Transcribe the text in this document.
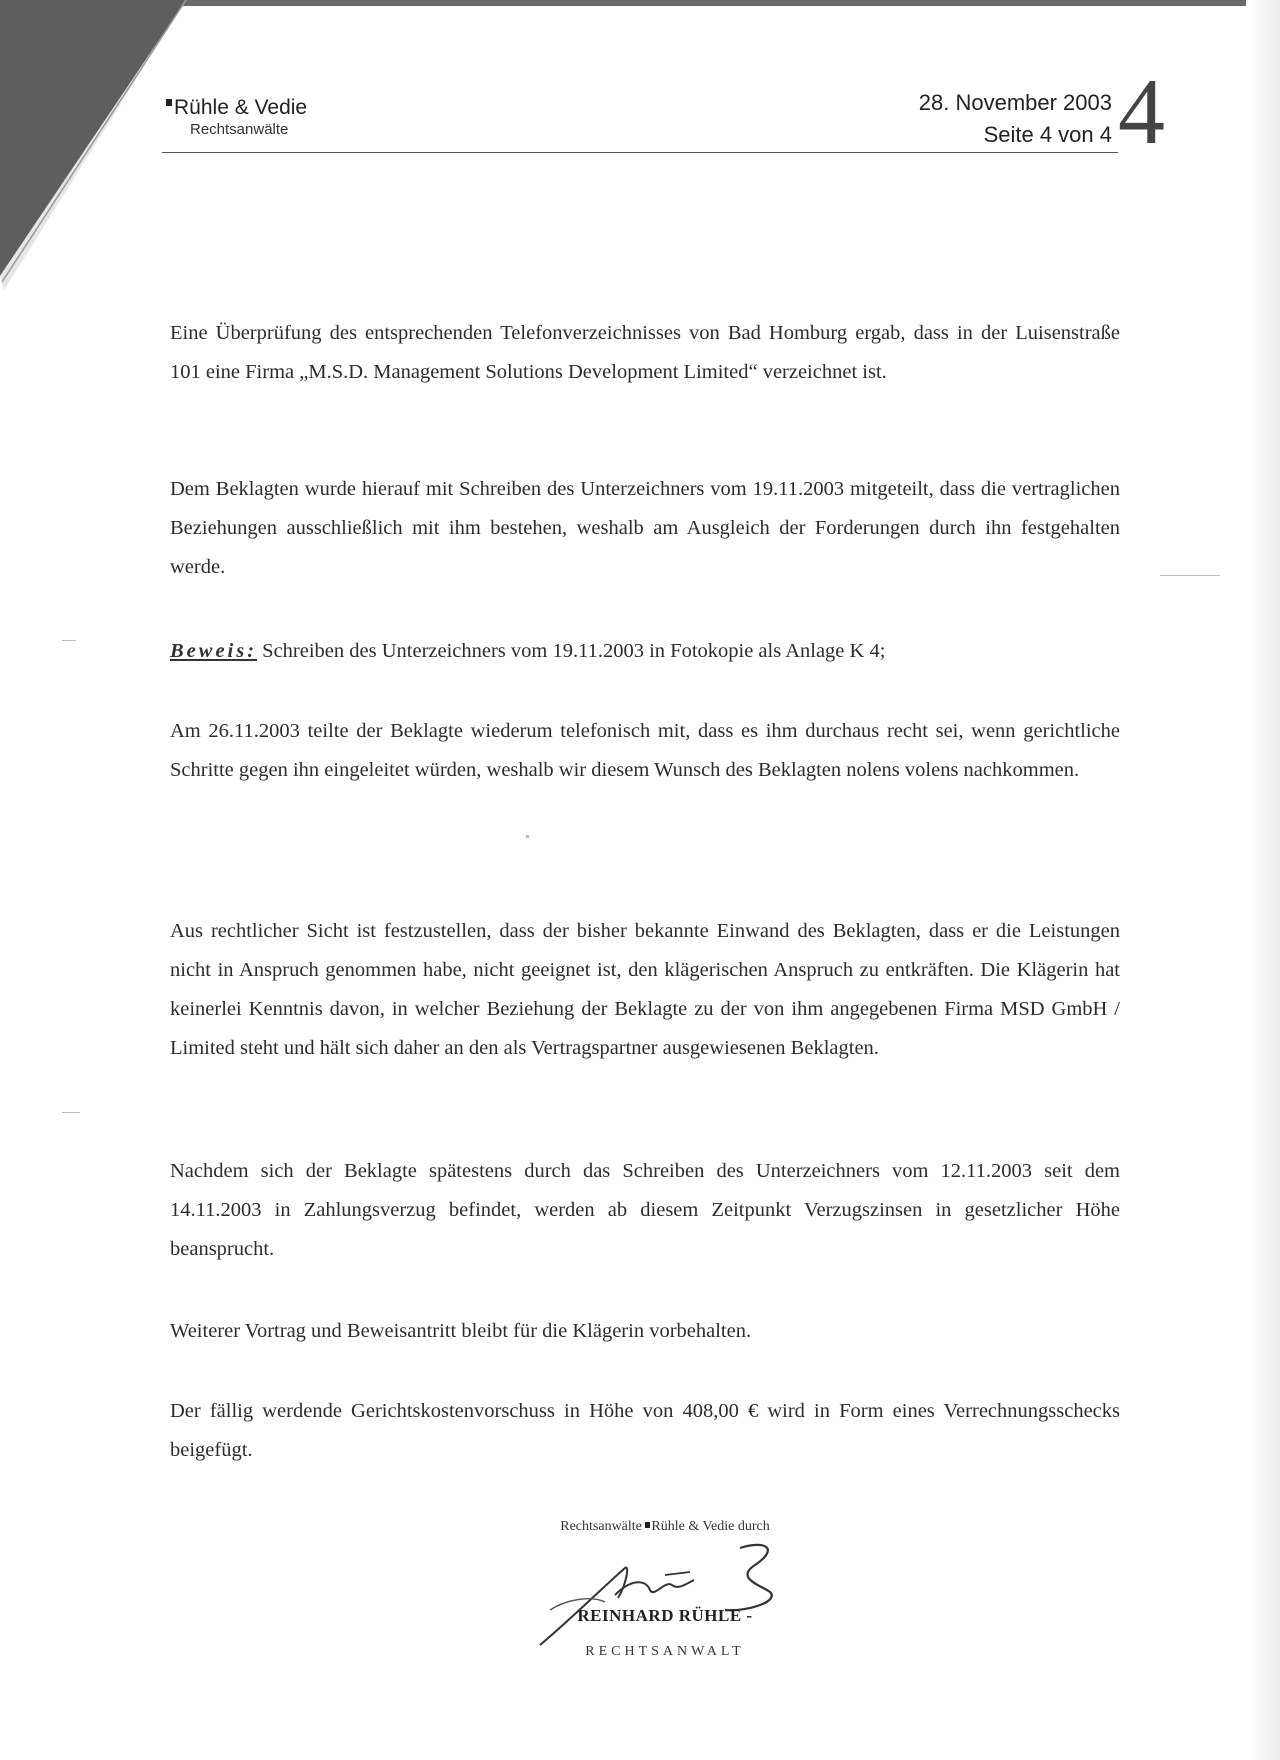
Rühle & Vedie
Rechtsanwälte
28. November 2003
Seite 4 von 4 4

Eine Überprüfung des entsprechenden Telefonverzeichnisses von Bad Homburg ergab, dass in der Luisenstraße 101 eine Firma „M.S.D. Management Solutions Development Limited“ verzeichnet ist.

Dem Beklagten wurde hierauf mit Schreiben des Unterzeichners vom 19.11.2003 mitgeteilt, dass die vertraglichen Beziehungen ausschließlich mit ihm bestehen, weshalb am Ausgleich der Forderungen durch ihn festgehalten werde.

Beweis: Schreiben des Unterzeichners vom 19.11.2003 in Fotokopie als Anlage K 4;

Am 26.11.2003 teilte der Beklagte wiederum telefonisch mit, dass es ihm durchaus recht sei, wenn gerichtliche Schritte gegen ihn eingeleitet würden, weshalb wir diesem Wunsch des Beklagten nolens volens nachkommen.

Aus rechtlicher Sicht ist festzustellen, dass der bisher bekannte Einwand des Beklagten, dass er die Leistungen nicht in Anspruch genommen habe, nicht geeignet ist, den klägerischen Anspruch zu entkräften. Die Klägerin hat keinerlei Kenntnis davon, in welcher Beziehung der Beklagte zu der von ihm angegebenen Firma MSD GmbH / Limited steht und hält sich daher an den als Vertragspartner ausgewiesenen Beklagten.

Nachdem sich der Beklagte spätestens durch das Schreiben des Unterzeichners vom 12.11.2003 seit dem 14.11.2003 in Zahlungsverzug befindet, werden ab diesem Zeitpunkt Verzugszinsen in gesetzlicher Höhe beansprucht.

Weiterer Vortrag und Beweisantritt bleibt für die Klägerin vorbehalten.

Der fällig werdende Gerichtskostenvorschuss in Höhe von 408,00 € wird in Form eines Verrechnungsschecks beigefügt.

Rechtsanwälte Rühle & Vedie durch
REINHARD RÜHLE -
RECHTSANWALT
